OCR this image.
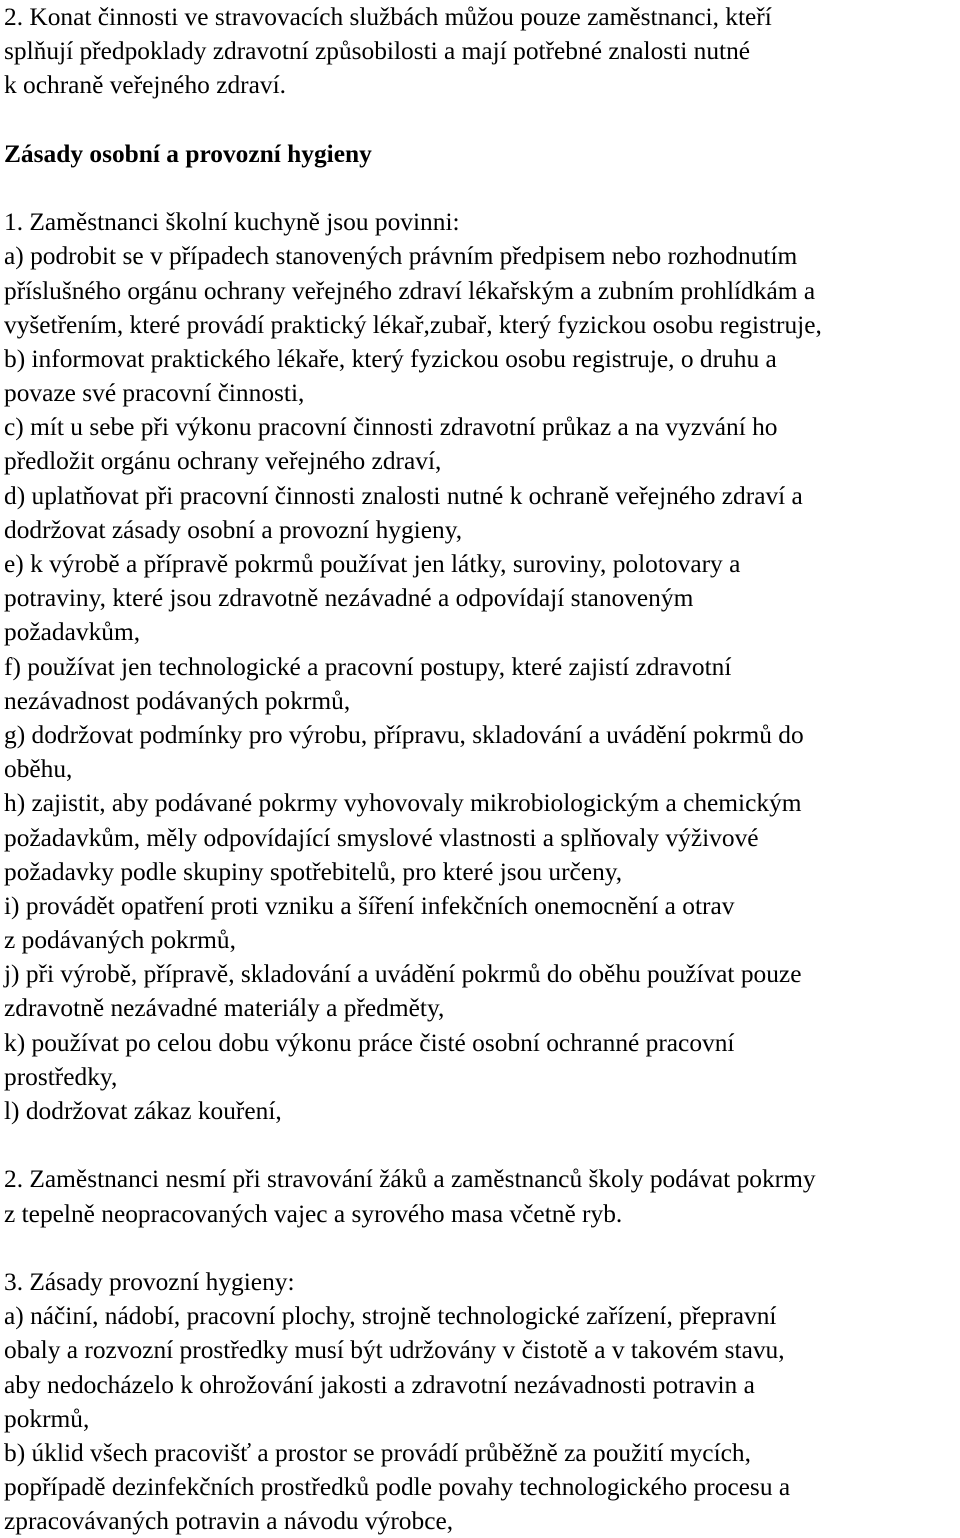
2. Konat činnosti ve stravovacích službách můžou pouze zaměstnanci, kteří
splňují předpoklady zdravotní způsobilosti a mají potřebné znalosti nutné
k ochraně veřejného zdraví.
Zásady osobní a provozní hygieny
1. Zaměstnanci školní kuchyně jsou povinni:
a) podrobit se v případech stanovených právním předpisem nebo rozhodnutím
příslušného orgánu ochrany veřejného zdraví lékařským a zubním prohlídkám a
vyšetřením, které provádí praktický lékař,zubař, který fyzickou osobu registruje,
b) informovat praktického lékaře, který fyzickou osobu registruje, o druhu a
povaze své pracovní činnosti,
c) mít u sebe při výkonu pracovní činnosti zdravotní průkaz a na vyzvání ho
předložit orgánu ochrany veřejného zdraví,
d) uplatňovat při pracovní činnosti znalosti nutné k ochraně veřejného zdraví a
dodržovat zásady osobní a provozní hygieny,
e) k výrobě a přípravě pokrmů používat jen látky, suroviny, polotovary a
potraviny, které jsou zdravotně nezávadné a odpovídají stanoveným
požadavkům,
f) používat jen technologické a pracovní postupy, které zajistí zdravotní
nezávadnost podávaných pokrmů,
g) dodržovat podmínky pro výrobu, přípravu, skladování a uvádění pokrmů do
oběhu,
h) zajistit, aby podávané pokrmy vyhovovaly mikrobiologickým a chemickým
požadavkům, měly odpovídající smyslové vlastnosti a splňovaly výživové
požadavky podle skupiny spotřebitelů, pro které jsou určeny,
i) provádět opatření proti vzniku a šíření infekčních onemocnění a otrav
z podávaných pokrmů,
j) při výrobě, přípravě, skladování a uvádění pokrmů do oběhu používat pouze
zdravotně nezávadné materiály a předměty,
k) používat po celou dobu výkonu práce čisté osobní ochranné pracovní
prostředky,
l) dodržovat zákaz kouření,
2. Zaměstnanci nesmí při stravování žáků a zaměstnanců školy podávat pokrmy
z tepelně neopracovaných vajec a syrového masa včetně ryb.
3. Zásady provozní hygieny:
a) náčiní, nádobí, pracovní plochy, strojně technologické zařízení, přepravní
obaly a rozvozní prostředky musí být udržovány v čistotě a v takovém stavu,
aby nedocházelo k ohrožování jakosti a zdravotní nezávadnosti potravin a
pokrmů,
b) úklid všech pracovišť a prostor se provádí průběžně za použití mycích,
popřípadě dezinfekčních prostředků podle povahy technologického procesu a
zpracovávaných potravin a návodu výrobce,
